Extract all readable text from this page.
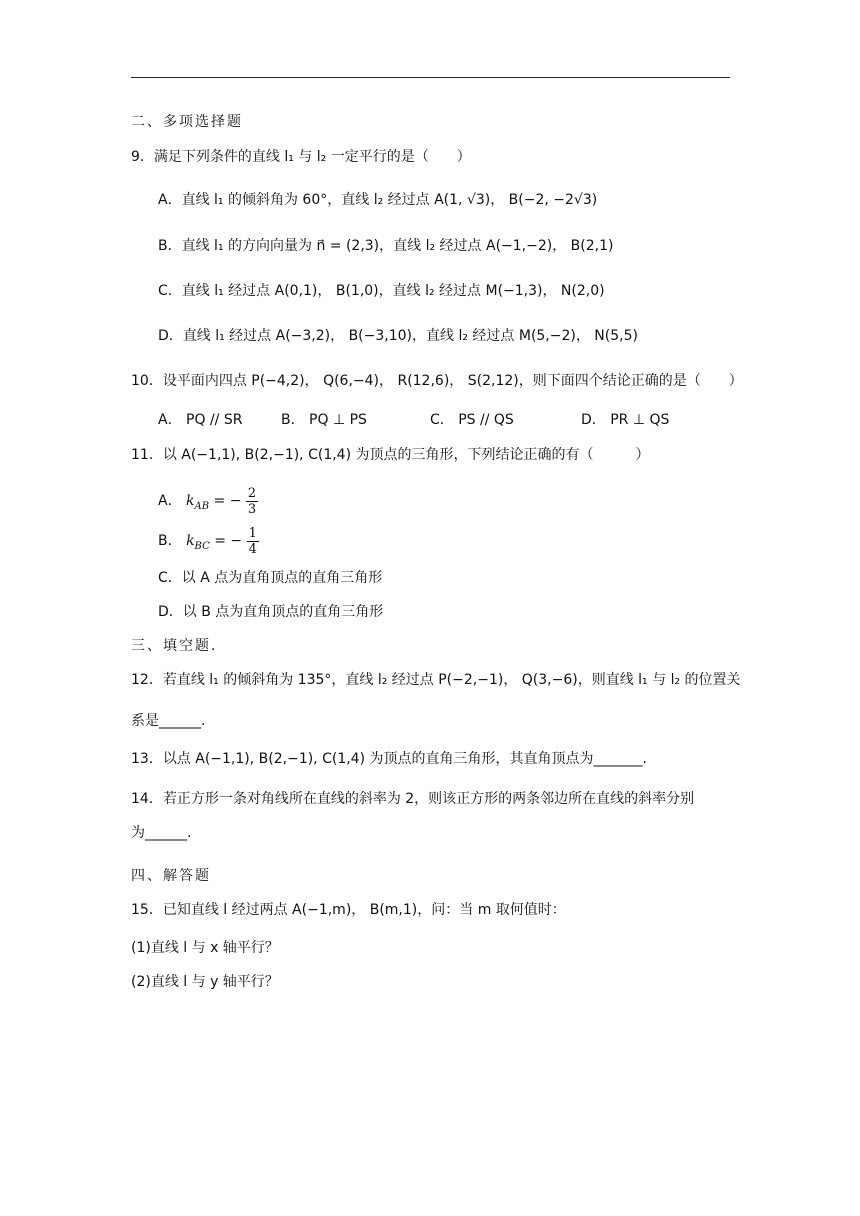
二、多项选择题
9．满足下列条件的直线 l₁ 与 l₂ 一定平行的是（　　）
A．直线 l₁ 的倾斜角为 60°，直线 l₂ 经过点 A(1, √3)， B(−2, −2√3)
B．直线 l₁ 的方向向量为 n⃗ = (2,3)，直线 l₂ 经过点 A(−1,−2)， B(2,1)
C．直线 l₁ 经过点 A(0,1)， B(1,0)，直线 l₂ 经过点 M(−1,3)， N(2,0)
D．直线 l₁ 经过点 A(−3,2)， B(−3,10)，直线 l₂ 经过点 M(5,−2)， N(5,5)
10．设平面内四点 P(−4,2)， Q(6,−4)， R(12,6)， S(2,12)，则下面四个结论正确的是（　　）
A． PQ // SR	B． PQ ⊥ PS	C． PS // QS	D． PR ⊥ QS
11．以 A(−1,1), B(2,−1), C(1,4) 为顶点的三角形，下列结论正确的有（　　　）
A． $k_{AB}$ = − $\frac{2}{3}$
B． $k_{BC}$ = − $\frac{1}{4}$
C．以 A 点为直角顶点的直角三角形
D．以 B 点为直角顶点的直角三角形
三、填空题.
12．若直线 l₁ 的倾斜角为 135°，直线 l₂ 经过点 P(−2,−1)， Q(3,−6)，则直线 l₁ 与 l₂ 的位置关
系是______.
13．以点 A(−1,1), B(2,−1), C(1,4) 为顶点的直角三角形，其直角顶点为_______.
14．若正方形一条对角线所在直线的斜率为 2，则该正方形的两条邻边所在直线的斜率分别
为______.
四、解答题
15．已知直线 l 经过两点 A(−1,m)， B(m,1)，问：当 m 取何值时：
(1)直线 l 与 x 轴平行？
(2)直线 l 与 y 轴平行？
